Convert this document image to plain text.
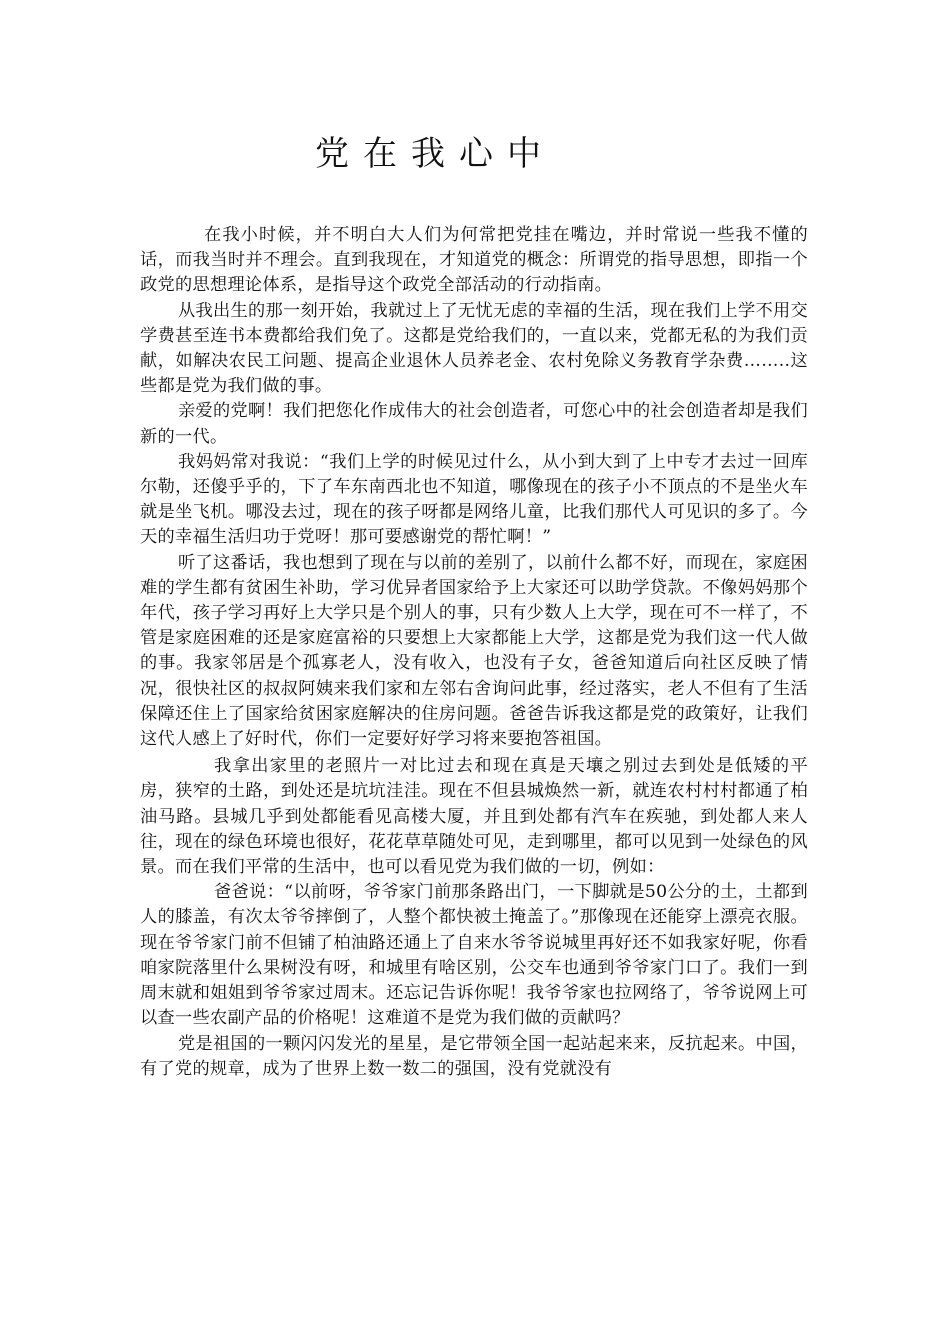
党在我心中

在我小时候，并不明白大人们为何常把党挂在嘴边，并时常说一些我不懂的话，而我当时并不理会。直到我现在，才知道党的概念：所谓党的指导思想，即指一个政党的思想理论体系，是指导这个政党全部活动的行动指南。

从我出生的那一刻开始，我就过上了无忧无虑的幸福的生活，现在我们上学不用交学费甚至连书本费都给我们免了。这都是党给我们的，一直以来，党都无私的为我们贡献，如解决农民工问题、提高企业退休人员养老金、农村免除义务教育学杂费……..这些都是党为我们做的事。

亲爱的党啊！我们把您化作成伟大的社会创造者，可您心中的社会创造者却是我们新的一代。

我妈妈常对我说：“我们上学的时候见过什么，从小到大到了上中专才去过一回库尔勒，还傻乎乎的，下了车东南西北也不知道，哪像现在的孩子小不顶点的不是坐火车就是坐飞机。哪没去过，现在的孩子呀都是网络儿童，比我们那代人可见识的多了。今天的幸福生活归功于党呀！那可要感谢党的帮忙啊！”

听了这番话，我也想到了现在与以前的差别了，以前什么都不好，而现在，家庭困难的学生都有贫困生补助，学习优异者国家给予上大家还可以助学贷款。不像妈妈那个年代，孩子学习再好上大学只是个别人的事，只有少数人上大学，现在可不一样了，不管是家庭困难的还是家庭富裕的只要想上大家都能上大学，这都是党为我们这一代人做的事。我家邻居是个孤寡老人，没有收入，也没有子女，爸爸知道后向社区反映了情况，很快社区的叔叔阿姨来我们家和左邻右舍询问此事，经过落实，老人不但有了生活保障还住上了国家给贫困家庭解决的住房问题。爸爸告诉我这都是党的政策好，让我们这代人感上了好时代，你们一定要好好学习将来要抱答祖国。

我拿出家里的老照片一对比过去和现在真是天壤之别过去到处是低矮的平房，狭窄的土路，到处还是坑坑洼洼。现在不但县城焕然一新，就连农村村村都通了柏油马路。县城几乎到处都能看见高楼大厦，并且到处都有汽车在疾驰，到处都人来人往，现在的绿色环境也很好，花花草草随处可见，走到哪里，都可以见到一处绿色的风景。而在我们平常的生活中，也可以看见党为我们做的一切，例如：

爸爸说：“以前呀，爷爷家门前那条路出门，一下脚就是50公分的土，土都到人的膝盖，有次太爷爷摔倒了，人整个都快被土掩盖了。”那像现在还能穿上漂亮衣服。现在爷爷家门前不但铺了柏油路还通上了自来水爷爷说城里再好还不如我家好呢，你看咱家院落里什么果树没有呀，和城里有啥区别，公交车也通到爷爷家门口了。我们一到周末就和姐姐到爷爷家过周末。还忘记告诉你呢！我爷爷家也拉网络了，爷爷说网上可以查一些农副产品的价格呢！这难道不是党为我们做的贡献吗？

党是祖国的一颗闪闪发光的星星，是它带领全国一起站起来来，反抗起来。中国，有了党的规章，成为了世界上数一数二的强国，没有党就没有
